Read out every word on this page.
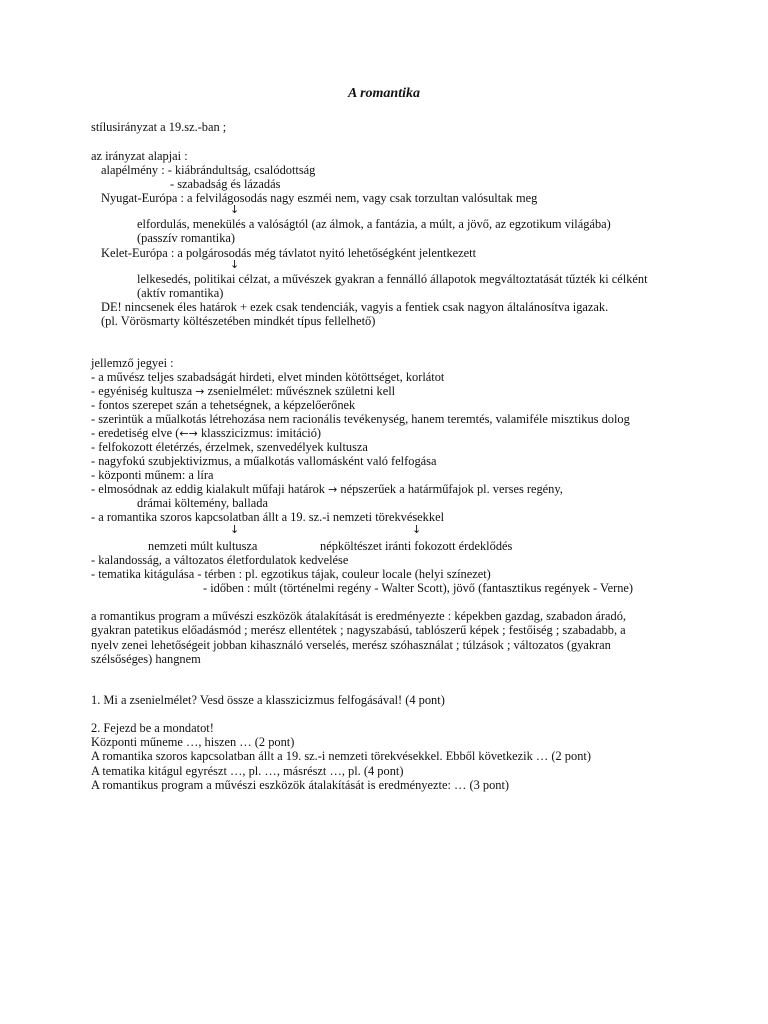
A romantika
stílusirányzat a 19.sz.-ban ;
az irányzat alapjai :
alapélmény : - kiábrándultság, csalódottság
- szabadság és lázadás
Nyugat-Európa : a felvilágosodás nagy eszméi nem, vagy csak torzultan valósultak meg
↓
elfordulás, menekülés a valóságtól (az álmok, a fantázia, a múlt, a jövő, az egzotikum világába)
(passzív romantika)
Kelet-Európa : a polgárosodás még távlatot nyitó lehetőségként jelentkezett
↓
lelkesedés, politikai célzat, a művészek gyakran a fennálló állapotok megváltoztatását tűzték ki célként
(aktív romantika)
DE! nincsenek éles határok + ezek csak tendenciák, vagyis a fentiek csak nagyon általánosítva igazak.
(pl. Vörösmarty költészetében mindkét típus fellelhető)
jellemző jegyei :
- a művész teljes szabadságát hirdeti, elvet minden kötöttséget, korlátot
- egyéniség kultusza → zsenielmélet: művésznek születni kell
- fontos szerepet szán a tehetségnek, a képzelőerőnek
- szerintük a műalkotás létrehozása nem racionális tevékenység, hanem teremtés, valamiféle misztikus dolog
- eredetiség elve (←→ klasszicizmus: imitáció)
- felfokozott életérzés, érzelmek, szenvedélyek kultusza
- nagyfokú szubjektivizmus, a műalkotás vallomásként való felfogása
- központi műnem: a líra
- elmosódnak az eddig kialakult műfaji határok → népszerűek a határműfajok pl. verses regény,
drámai költemény, ballada
- a romantika szoros kapcsolatban állt a 19. sz.-i nemzeti törekvésekkel
↓	↓
nemzeti múlt kultusza	népköltészet iránti fokozott érdeklődés
- kalandosság, a változatos életfordulatok kedvelése
- tematika kitágulása - térben : pl. egzotikus tájak, couleur locale (helyi színezet)
- időben : múlt (történelmi regény - Walter Scott), jövő (fantasztikus regények - Verne)
a romantikus program a művészi eszközök átalakítását is eredményezte : képekben gazdag, szabadon áradó,
gyakran patetikus előadásmód ; merész ellentétek ; nagyszabású, tablószerű képek ; festőiség ; szabadabb, a
nyelv zenei lehetőségeit jobban kihasználó verselés, merész szóhasználat ; túlzások ; változatos (gyakran
szélsőséges) hangnem
1. Mi a zsenielmélet? Vesd össze a klasszicizmus felfogásával! (4 pont)
2. Fejezd be a mondatot!
Központi műneme …, hiszen … (2 pont)
A romantika szoros kapcsolatban állt a 19. sz.-i nemzeti törekvésekkel. Ebből következik … (2 pont)
A tematika kitágul egyrészt …, pl. …, másrészt …, pl. (4 pont)
A romantikus program a művészi eszközök átalakítását is eredményezte: … (3 pont)
